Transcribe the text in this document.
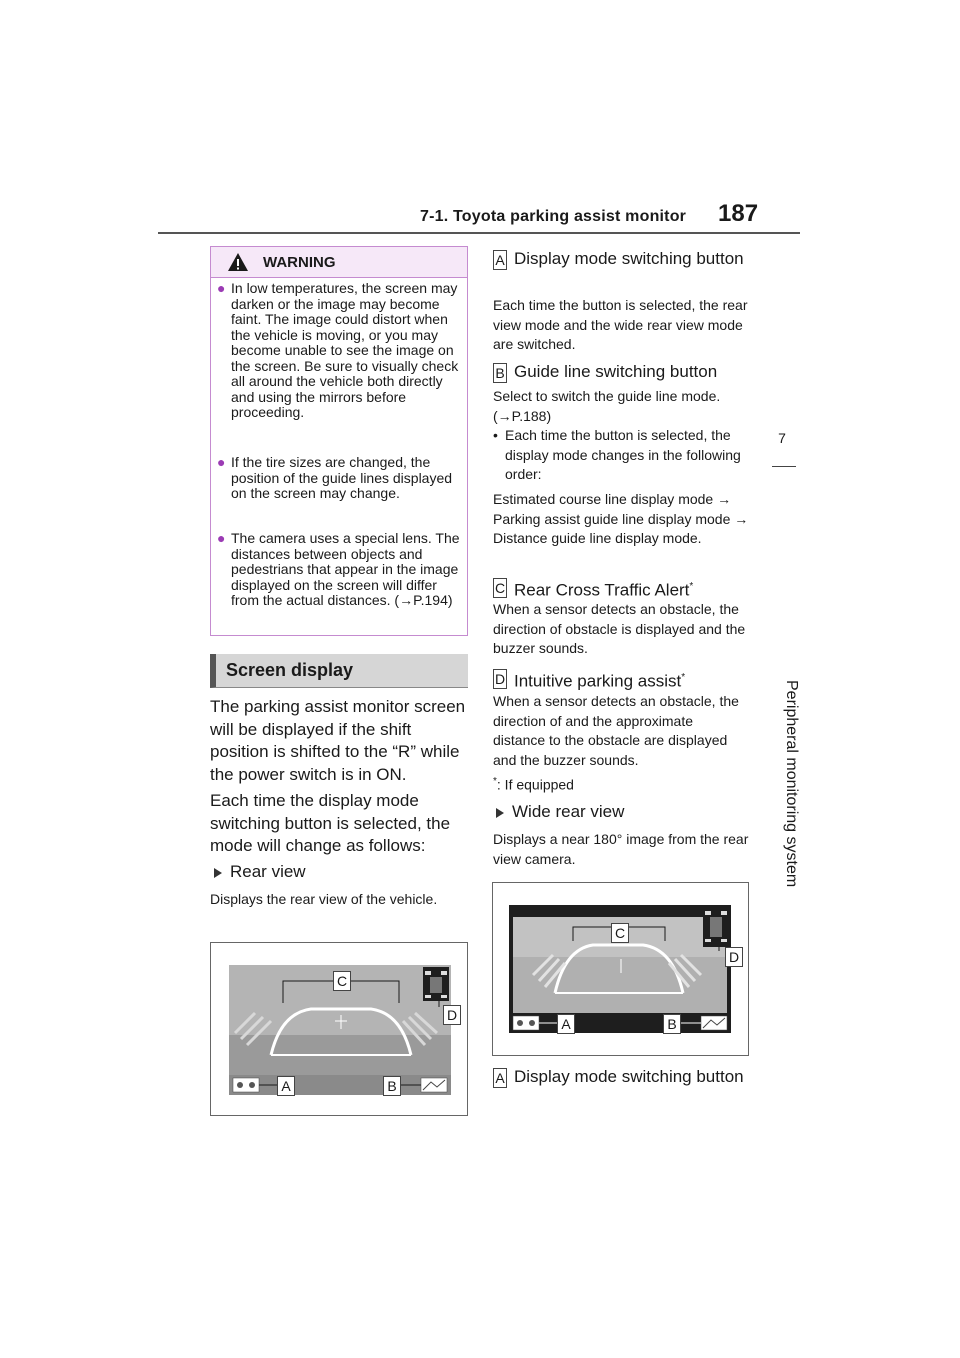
7-1. Toyota parking assist monitor 187
7
Peripheral monitoring system
WARNING
● In low temperatures, the screen may darken or the image may become faint. The image could distort when the vehicle is moving, or you may become unable to see the image on the screen. Be sure to visually check all around the vehicle both directly and using the mirrors before proceeding.
● If the tire sizes are changed, the position of the guide lines displayed on the screen may change.
● The camera uses a special lens. The distances between objects and pedestrians that appear in the image displayed on the screen will differ from the actual distances. (→P.194)
Screen display
The parking assist monitor screen will be displayed if the shift position is shifted to the “R” while the power switch is in ON.
Each time the display mode switching button is selected, the mode will change as follows:
Rear view
Displays the rear view of the vehicle.
C
D
A	B
A Display mode switching button
Each time the button is selected, the rear view mode and the wide rear view mode are switched.
B Guide line switching button
Select to switch the guide line mode. (→P.188)
• Each time the button is selected, the display mode changes in the following order:
Estimated course line display mode → Parking assist guide line display mode → Distance guide line display mode.
C Rear Cross Traffic Alert*
When a sensor detects an obstacle, the direction of obstacle is displayed and the buzzer sounds.
D Intuitive parking assist*
When a sensor detects an obstacle, the direction of and the approximate distance to the obstacle are displayed and the buzzer sounds.
*: If equipped
Wide rear view
Displays a near 180° image from the rear view camera.
C
D
A	B
A Display mode switching button
